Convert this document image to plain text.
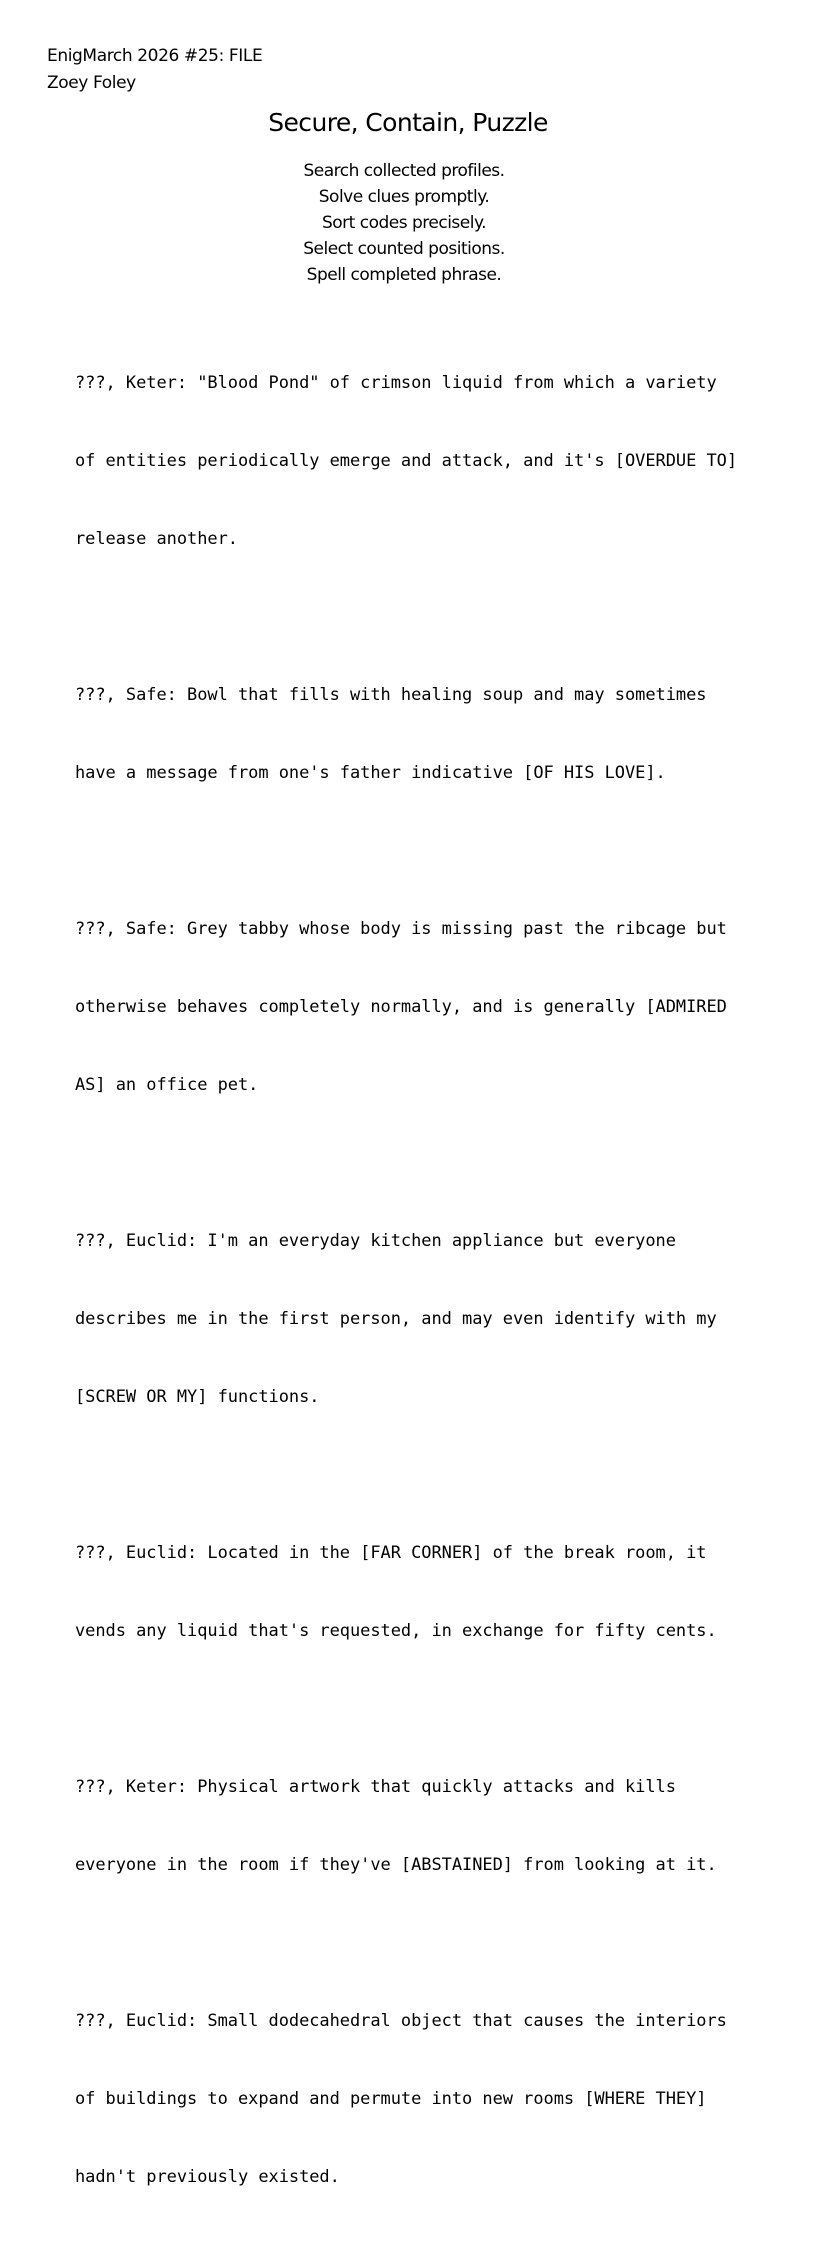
EnigMarch 2026 #25: FILE
Zoey Foley
Secure, Contain, Puzzle
Search collected profiles.
Solve clues promptly.
Sort codes precisely.
Select counted positions.
Spell completed phrase.

???, Keter: "Blood Pond" of crimson liquid from which a variety

of entities periodically emerge and attack, and it's [OVERDUE TO]

release another.

???, Safe: Bowl that fills with healing soup and may sometimes

have a message from one's father indicative [OF HIS LOVE].

???, Safe: Grey tabby whose body is missing past the ribcage but

otherwise behaves completely normally, and is generally [ADMIRED

AS] an office pet.

???, Euclid: I'm an everyday kitchen appliance but everyone

describes me in the first person, and may even identify with my

[SCREW OR MY] functions.

???, Euclid: Located in the [FAR CORNER] of the break room, it

vends any liquid that's requested, in exchange for fifty cents.

???, Keter: Physical artwork that quickly attacks and kills

everyone in the room if they've [ABSTAINED] from looking at it.

???, Euclid: Small dodecahedral object that causes the interiors

of buildings to expand and permute into new rooms [WHERE THEY]

hadn't previously existed.
